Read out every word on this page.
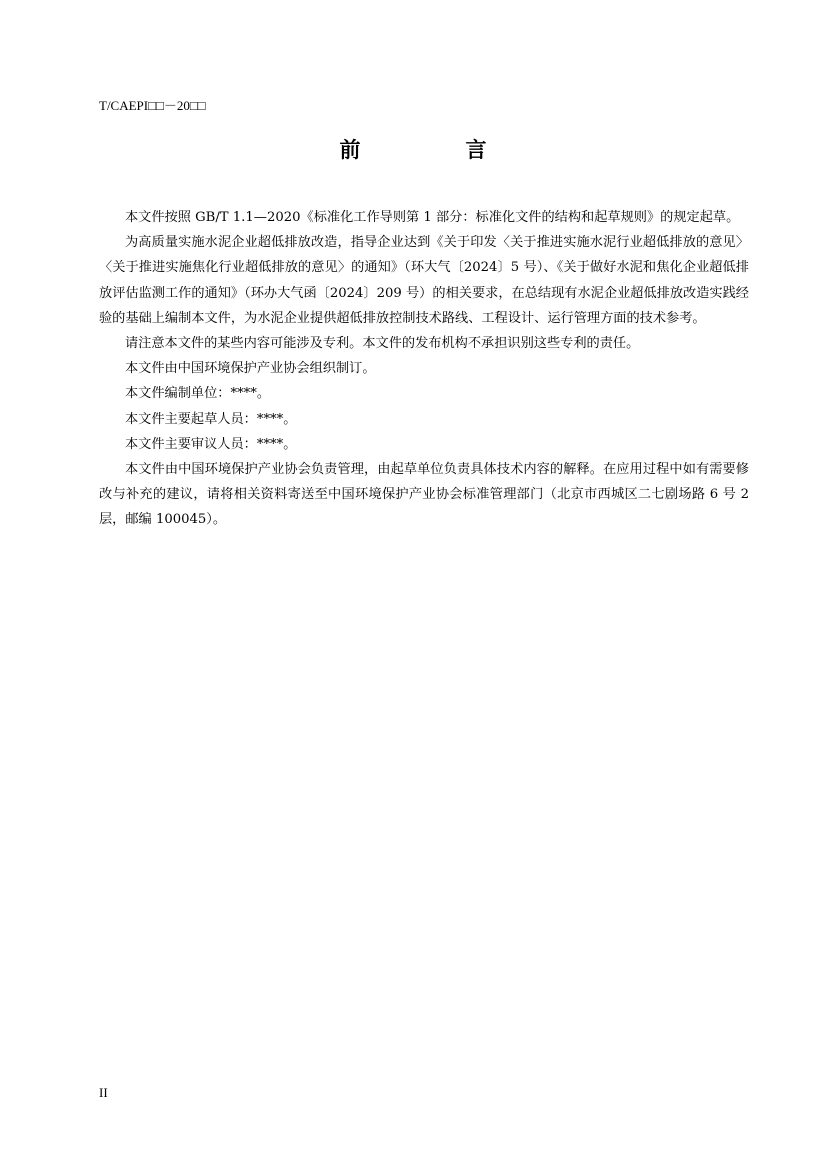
T/CAEPI□□－20□□
前　言

本文件按照 GB/T 1.1—2020《标准化工作导则第 1 部分：标准化文件的结构和起草规则》的规定起草。

为高质量实施水泥企业超低排放改造，指导企业达到《关于印发〈关于推进实施水泥行业超低排放的意见〉〈关于推进实施焦化行业超低排放的意见〉的通知》（环大气〔2024〕5 号）、《关于做好水泥和焦化企业超低排放评估监测工作的通知》（环办大气函〔2024〕209 号）的相关要求，在总结现有水泥企业超低排放改造实践经验的基础上编制本文件，为水泥企业提供超低排放控制技术路线、工程设计、运行管理方面的技术参考。

请注意本文件的某些内容可能涉及专利。本文件的发布机构不承担识别这些专利的责任。

本文件由中国环境保护产业协会组织制订。

本文件编制单位：****。

本文件主要起草人员：****。

本文件主要审议人员：****。

本文件由中国环境保护产业协会负责管理，由起草单位负责具体技术内容的解释。在应用过程中如有需要修改与补充的建议，请将相关资料寄送至中国环境保护产业协会标准管理部门（北京市西城区二七剧场路 6 号 2 层，邮编 100045）。

II
